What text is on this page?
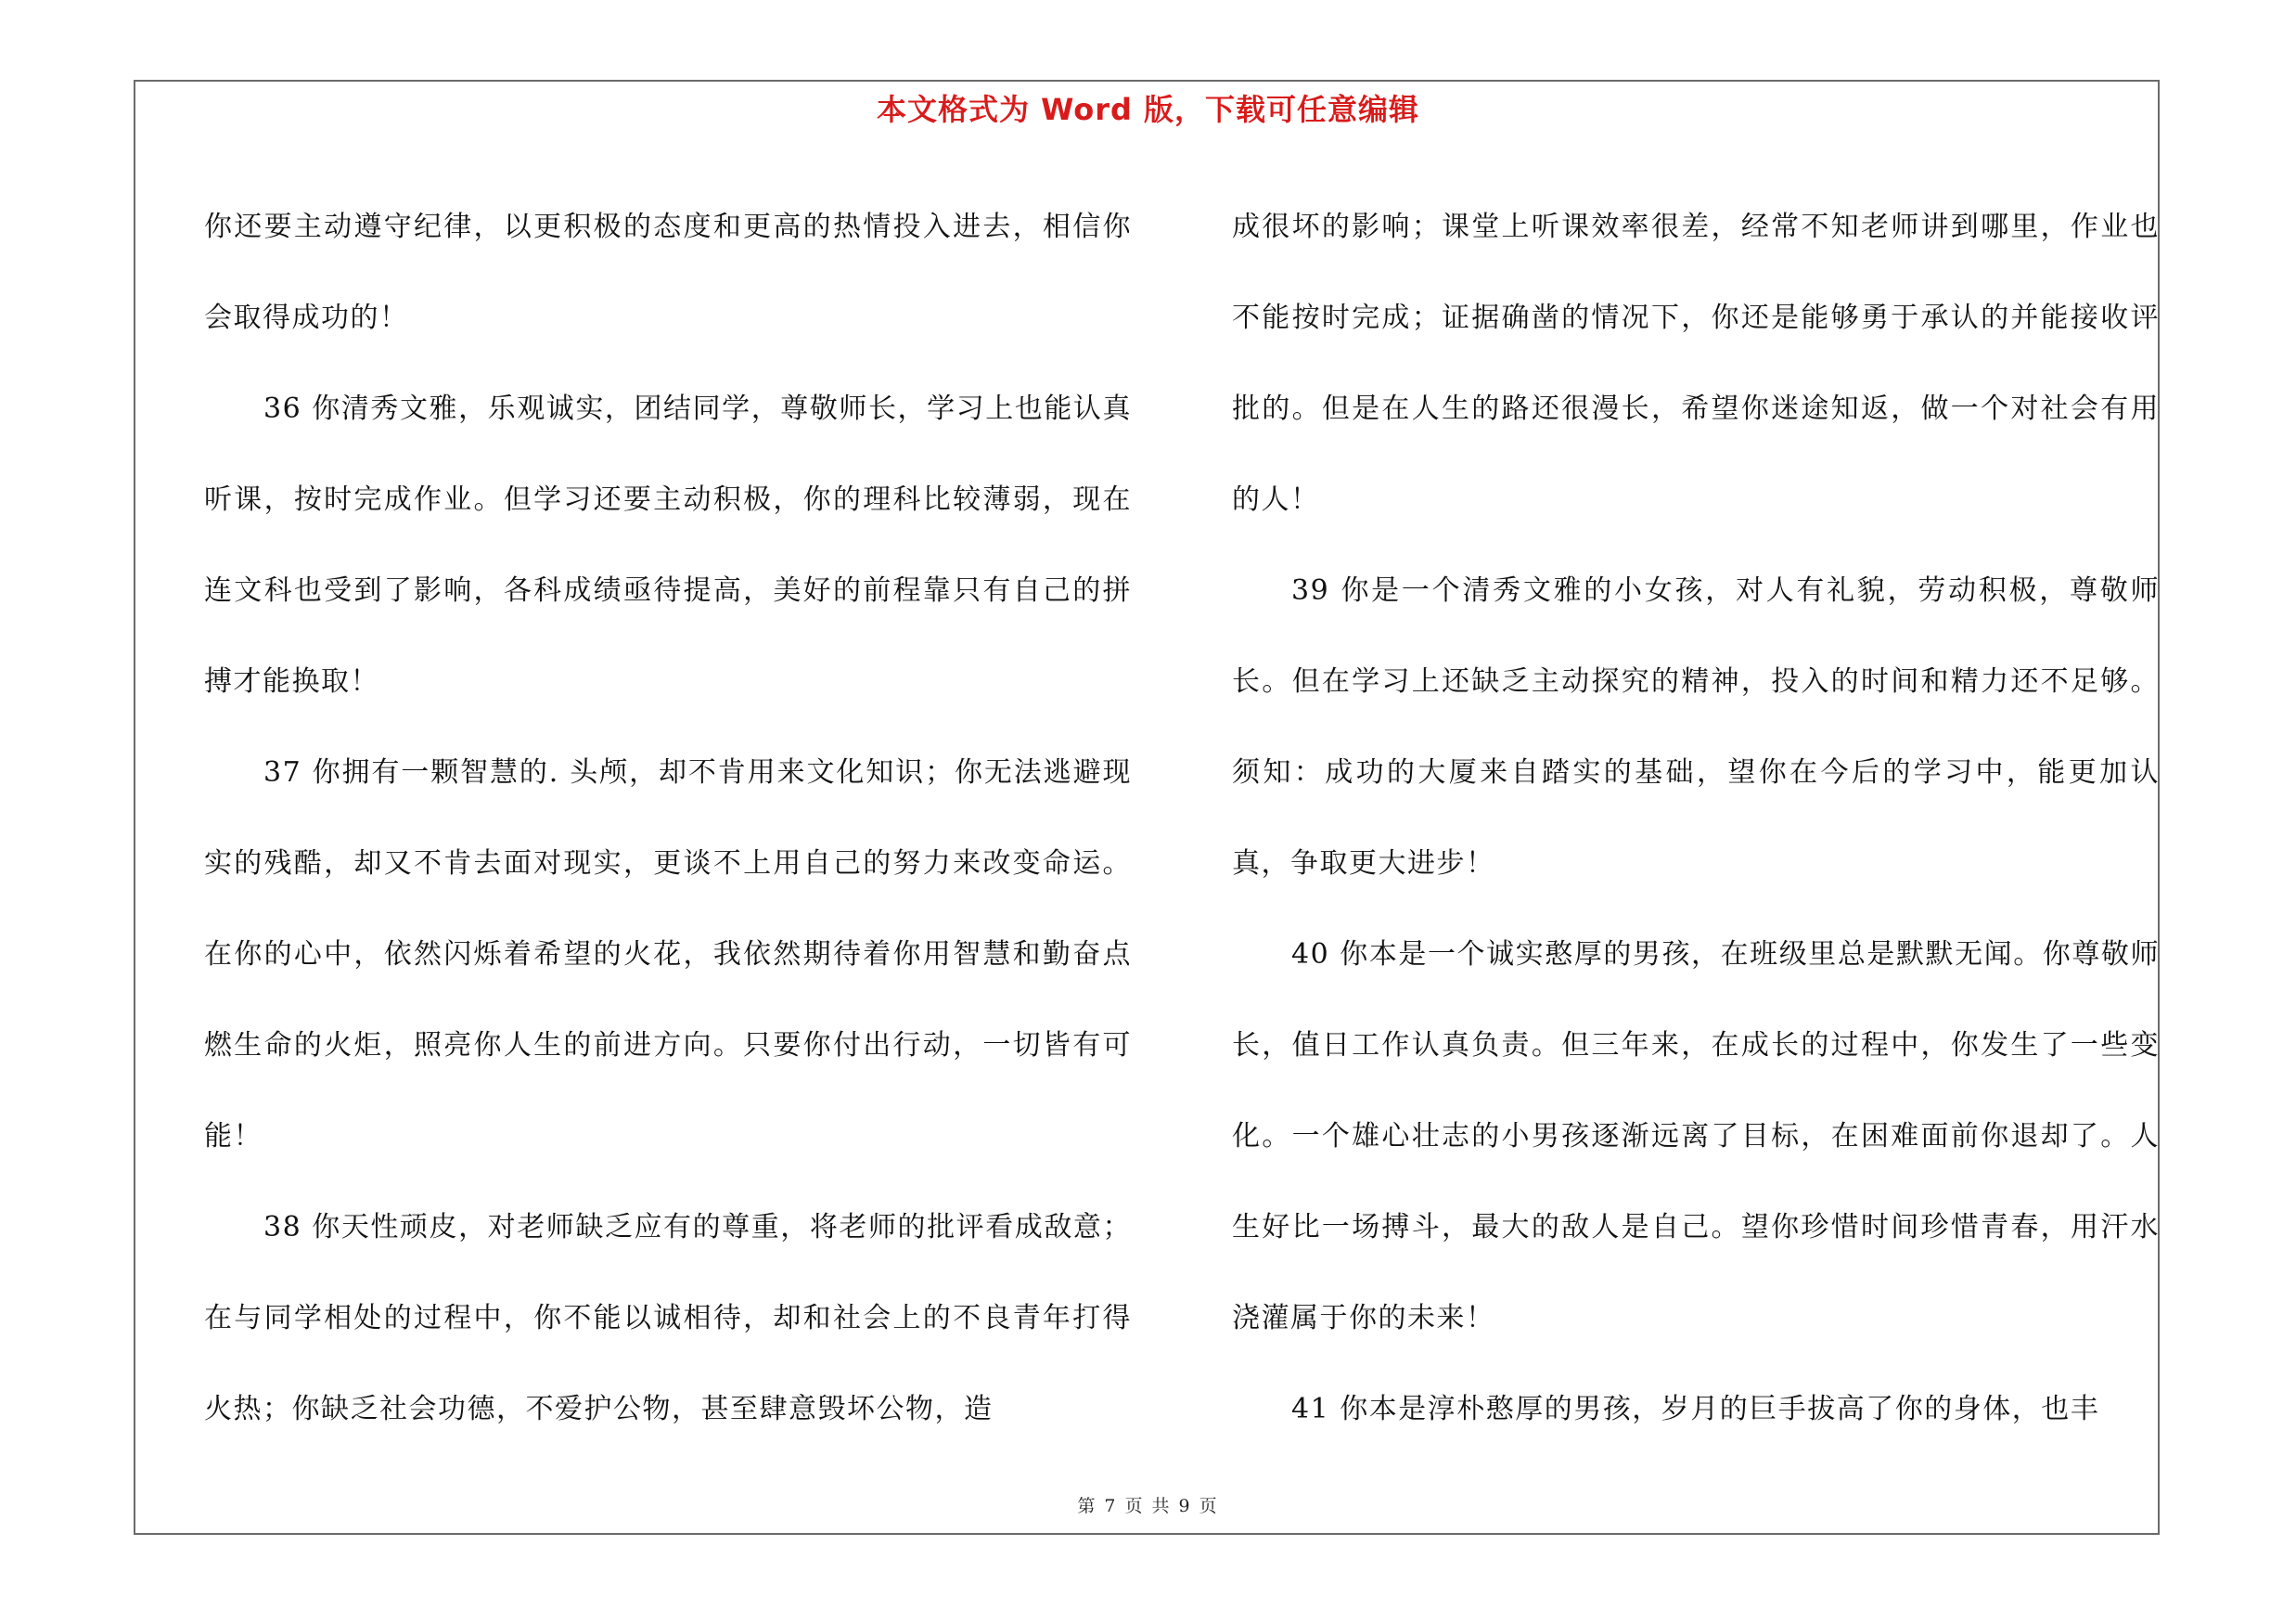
本文格式为 Word 版，下载可任意编辑

你还要主动遵守纪律，以更积极的态度和更高的热情投入进去，相信你会取得成功的！

36 你清秀文雅，乐观诚实，团结同学，尊敬师长，学习上也能认真听课，按时完成作业。但学习还要主动积极，你的理科比较薄弱，现在连文科也受到了影响，各科成绩亟待提高，美好的前程靠只有自己的拼搏才能换取！

37 你拥有一颗智慧的. 头颅，却不肯用来文化知识；你无法逃避现实的残酷，却又不肯去面对现实，更谈不上用自己的努力来改变命运。在你的心中，依然闪烁着希望的火花，我依然期待着你用智慧和勤奋点燃生命的火炬，照亮你人生的前进方向。只要你付出行动，一切皆有可能！

38 你天性顽皮，对老师缺乏应有的尊重，将老师的批评看成敌意；在与同学相处的过程中，你不能以诚相待，却和社会上的不良青年打得火热；你缺乏社会功德，不爱护公物，甚至肆意毁坏公物，造

成很坏的影响；课堂上听课效率很差，经常不知老师讲到哪里，作业也不能按时完成；证据确凿的情况下，你还是能够勇于承认的并能接收评批的。但是在人生的路还很漫长，希望你迷途知返，做一个对社会有用的人！

39 你是一个清秀文雅的小女孩，对人有礼貌，劳动积极，尊敬师长。但在学习上还缺乏主动探究的精神，投入的时间和精力还不足够。须知：成功的大厦来自踏实的基础，望你在今后的学习中，能更加认真，争取更大进步！

40 你本是一个诚实憨厚的男孩，在班级里总是默默无闻。你尊敬师长，值日工作认真负责。但三年来，在成长的过程中，你发生了一些变化。一个雄心壮志的小男孩逐渐远离了目标，在困难面前你退却了。人生好比一场搏斗，最大的敌人是自己。望你珍惜时间珍惜青春，用汗水浇灌属于你的未来！

41 你本是淳朴憨厚的男孩，岁月的巨手拔高了你的身体，也丰

第 7 页 共 9 页
